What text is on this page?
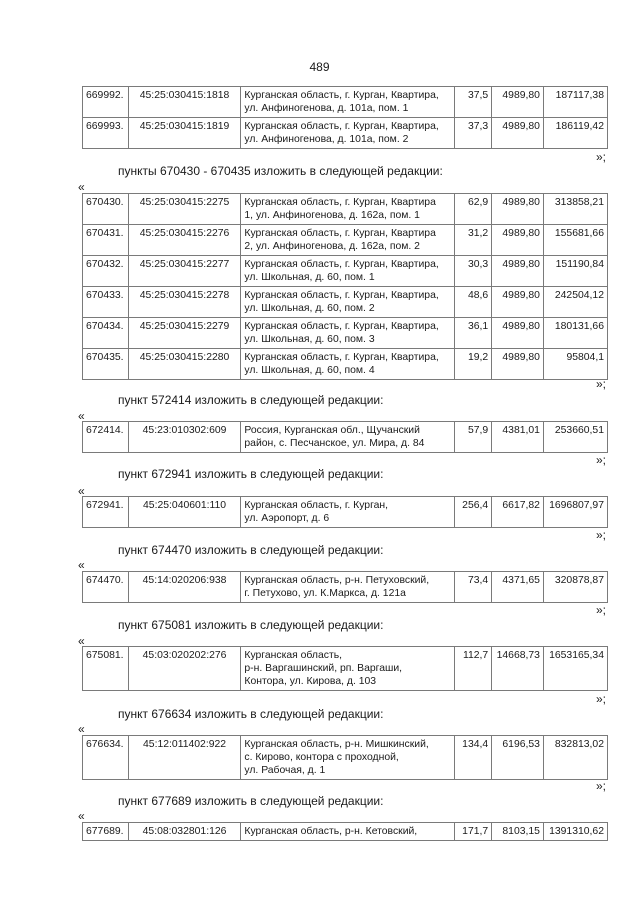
489
669992.	45:25:030415:1818	Курганская область, г. Курган, Квартира,
ул. Анфиногенова, д. 101а, пом. 1	37,5	4989,80	187117,38
669993.	45:25:030415:1819	Курганская область, г. Курган, Квартира,
ул. Анфиногенова, д. 101а, пом. 2	37,3	4989,80	186119,42
»;
пункты 670430 - 670435 изложить в следующей редакции:
«
670430.	45:25:030415:2275	Курганская область, г. Курган, Квартира
1, ул. Анфиногенова, д. 162а, пом. 1	62,9	4989,80	313858,21
670431.	45:25:030415:2276	Курганская область, г. Курган, Квартира
2, ул. Анфиногенова, д. 162а, пом. 2	31,2	4989,80	155681,66
670432.	45:25:030415:2277	Курганская область, г. Курган, Квартира,
ул. Школьная, д. 60, пом. 1	30,3	4989,80	151190,84
670433.	45:25:030415:2278	Курганская область, г. Курган, Квартира,
ул. Школьная, д. 60, пом. 2	48,6	4989,80	242504,12
670434.	45:25:030415:2279	Курганская область, г. Курган, Квартира,
ул. Школьная, д. 60, пом. 3	36,1	4989,80	180131,66
670435.	45:25:030415:2280	Курганская область, г. Курган, Квартира,
ул. Школьная, д. 60, пом. 4	19,2	4989,80	95804,1
»;
пункт 572414 изложить в следующей редакции:
«
672414.	45:23:010302:609	Россия, Курганская обл., Щучанский
район, с. Песчанское, ул. Мира, д. 84	57,9	4381,01	253660,51
»;
пункт 672941 изложить в следующей редакции:
«
672941.	45:25:040601:110	Курганская область, г. Курган,
ул. Аэропорт, д. 6	256,4	6617,82	1696807,97
»;
пункт 674470 изложить в следующей редакции:
«
674470.	45:14:020206:938	Курганская область, р-н. Петуховский,
г. Петухово, ул. К.Маркса, д. 121а	73,4	4371,65	320878,87
»;
пункт 675081 изложить в следующей редакции:
«
675081.	45:03:020202:276	Курганская область,
р-н. Варгашинский, рп. Варгаши,
Контора, ул. Кирова, д. 103	112,7	14668,73	1653165,34
»;
пункт 676634 изложить в следующей редакции:
«
676634.	45:12:011402:922	Курганская область, р-н. Мишкинский,
с. Кирово, контора с проходной,
ул. Рабочая, д. 1	134,4	6196,53	832813,02
»;
пункт 677689 изложить в следующей редакции:
«
677689.	45:08:032801:126	Курганская область, р-н. Кетовский,	171,7	8103,15	1391310,62
